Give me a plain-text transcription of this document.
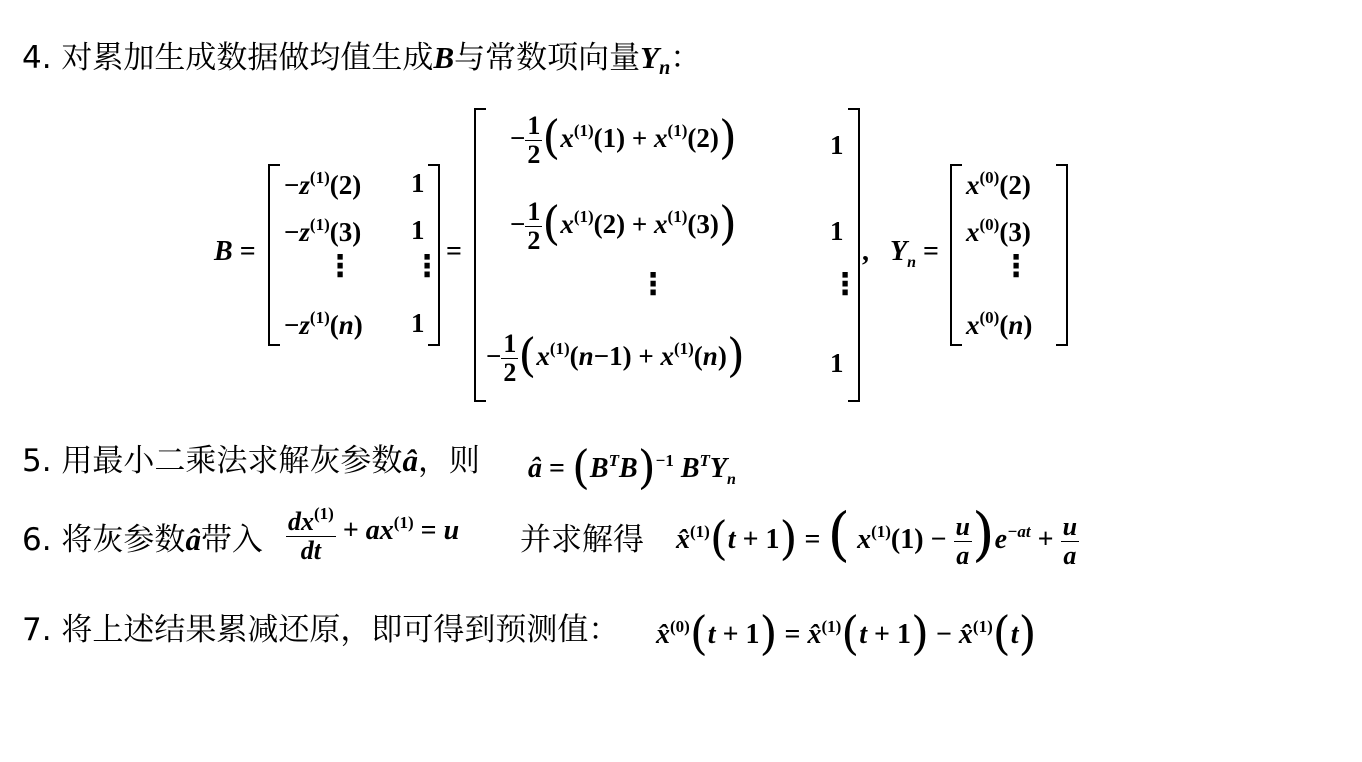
4. 对累加生成数据做均值生成B与常数项向量Yn：
B =
$-z^{(1)}(2)$ 1
$-z^{(1)}(3)$ 1
⋮ ⋮
$-z^{(1)}(n)$ 1
=
− $\frac{1}{2} (x^{(1)}(1) + x^{(1)}(2))$	1
− $\frac{1}{2} (x^{(1)}(2) + x^{(1)}(3))$	1
⋮	⋮
− $\frac{1}{2} (x^{(1)}(n-1) + x^{(1)}(n))$	1
, $Y_n$ =
$x^{(0)}(2)$
$x^{(0)}(3)$
⋮
$x^{(0)}(n)$
5. 用最小二乘法求解灰参数â，则 â = $(B^TB)^{-1}$ $B^TY_n$
6. 将灰参数â带入 $\frac{dx^{(1)}}{dt} + ax^{(1)} = u$ 并求解得 x̂$^{(1)}$(t + 1) = ( $x^{(1)}(1) - \frac{u}{a} )e^{-at} + \frac{u}{a}$
7. 将上述结果累减还原，即可得到预测值： x̂$^{(0)}$(t + 1) = x̂$^{(1)}$(t + 1) − x̂$^{(1)}$(t)
